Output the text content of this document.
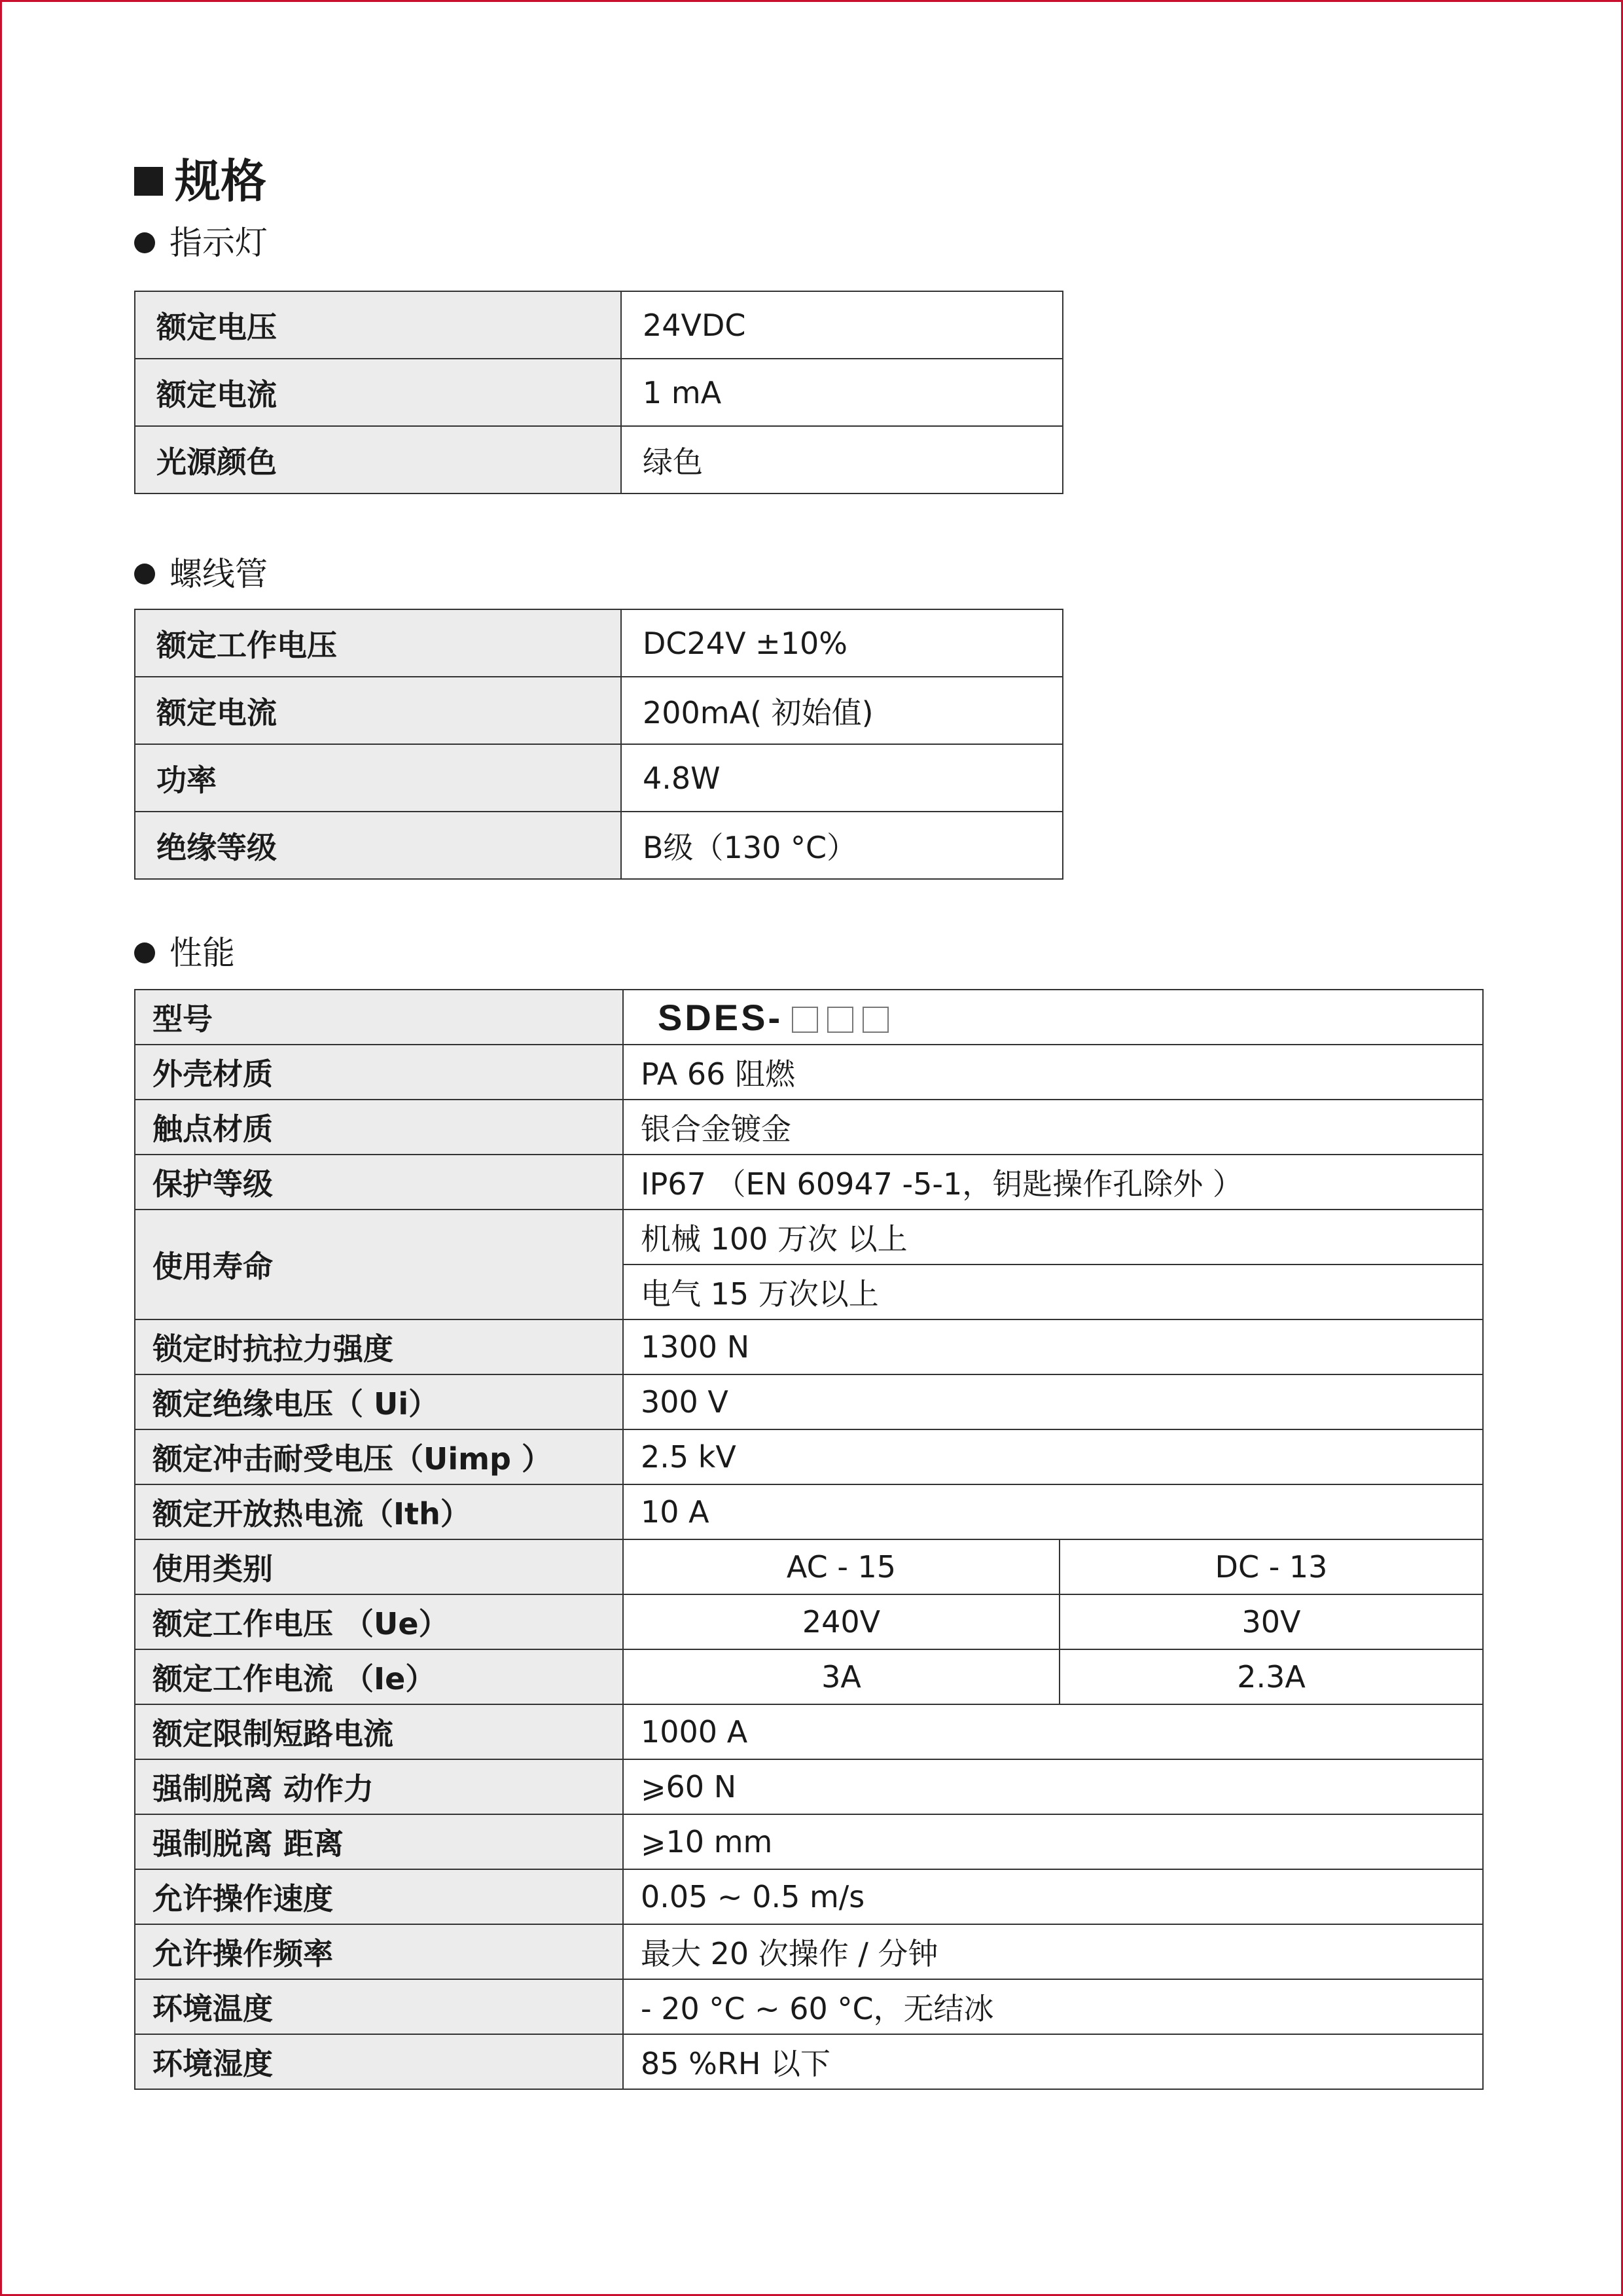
规格
指示灯
额定电压	24VDC
额定电流	1 mA
光源颜色	绿色
螺线管
额定工作电压	DC24V ±10%
额定电流	200mA( 初始值)
功率	4.8W
绝缘等级	B级（130 °C）
性能
型号	SDES-	
外壳材质	PA 66 阻燃	
触点材质	银合金镀金	
保护等级	IP67 （EN 60947 -5-1，钥匙操作孔除外 ）	
使用寿命	机械 100 万次 以上	
	电气 15 万次以上	
锁定时抗拉力强度	1300 N	
额定绝缘电压（ Ui）	300 V	
额定冲击耐受电压（Uimp ）	2.5 kV	
额定开放热电流（Ith）	10 A	
使用类别	AC - 15	DC - 13
额定工作电压 （Ue）	240V	30V
额定工作电流 （Ie）	3A	2.3A
额定限制短路电流	1000 A	
强制脱离 动作力	⩾60 N	
强制脱离 距离	⩾10 mm	
允许操作速度	0.05 ~ 0.5 m/s	
允许操作频率	最大 20 次操作 / 分钟	
环境温度	- 20 °C ~ 60 °C，无结冰	
环境湿度	85 %RH 以下	
